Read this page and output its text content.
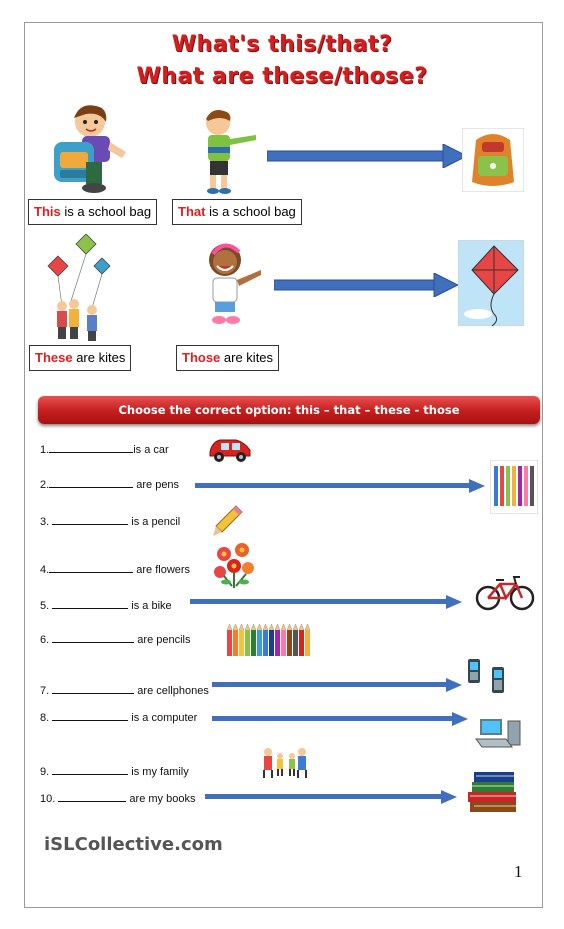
What's this/that?
What are these/those?
This is a school bag	That is a school bag
These are kites	Those are kites
Choose the correct option: this – that – these - those
1.	is a car
2.	are pens
3.	is a pencil
4.	are flowers
5.	is a bike
6.	are pencils
7.	are cellphones
8.	is a computer
9.	is my family
10.	are my books
iSLCollective.com
1
